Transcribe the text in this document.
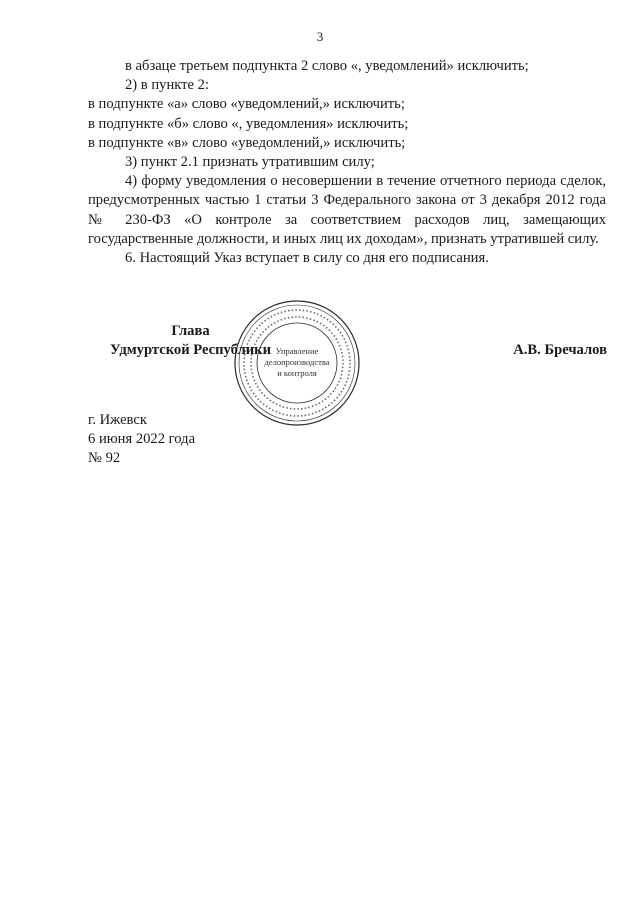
3

в абзаце третьем подпункта 2 слово «, уведомлений» исключить;

2) в пункте 2:

в подпункте «а» слово «уведомлений,» исключить;

в подпункте «б» слово «, уведомления» исключить;

в подпункте «в» слово «уведомлений,» исключить;

3) пункт 2.1 признать утратившим силу;

4) форму уведомления о несовершении в течение отчетного периода сделок, предусмотренных частью 1 статьи 3 Федерального закона от 3 декабря 2012 года № 230-ФЗ «О контроле за соответствием расходов лиц, замещающих государственные должности, и иных лиц их доходам», признать утратившей силу.

6. Настоящий Указ вступает в силу со дня его подписания.

Управление
делопроизводства
и контроля
Глава
Удмуртской Республики	А.В. Бречалов
г. Ижевск
6 июня 2022 года
№ 92
